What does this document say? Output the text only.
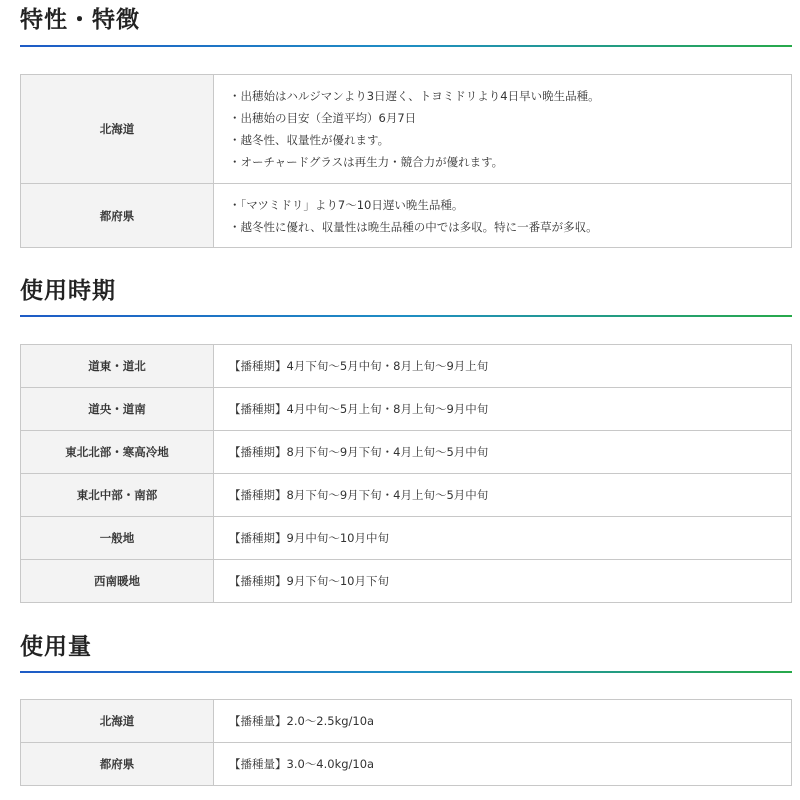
特性・特徴
北海道	・出穂始はハルジマンより3日遅く、トヨミドリより4日早い晩生品種。
・出穂始の目安（全道平均）6月7日
・越冬性、収量性が優れます。
・オーチャードグラスは再生力・競合力が優れます。

都府県	・「マツミドリ」より7～10日遅い晩生品種。
・越冬性に優れ、収量性は晩生品種の中では多収。特に一番草が多収。
使用時期
道東・道北	【播種期】4月下旬～5月中旬・8月上旬～9月上旬
道央・道南	【播種期】4月中旬～5月上旬・8月上旬～9月中旬
東北北部・寒高冷地	【播種期】8月下旬～9月下旬・4月上旬～5月中旬
東北中部・南部	【播種期】8月下旬～9月下旬・4月上旬～5月中旬
一般地	【播種期】9月中旬～10月中旬
西南暖地	【播種期】9月下旬～10月下旬
使用量
北海道	【播種量】2.0～2.5kg/10a
都府県	【播種量】3.0～4.0kg/10a
